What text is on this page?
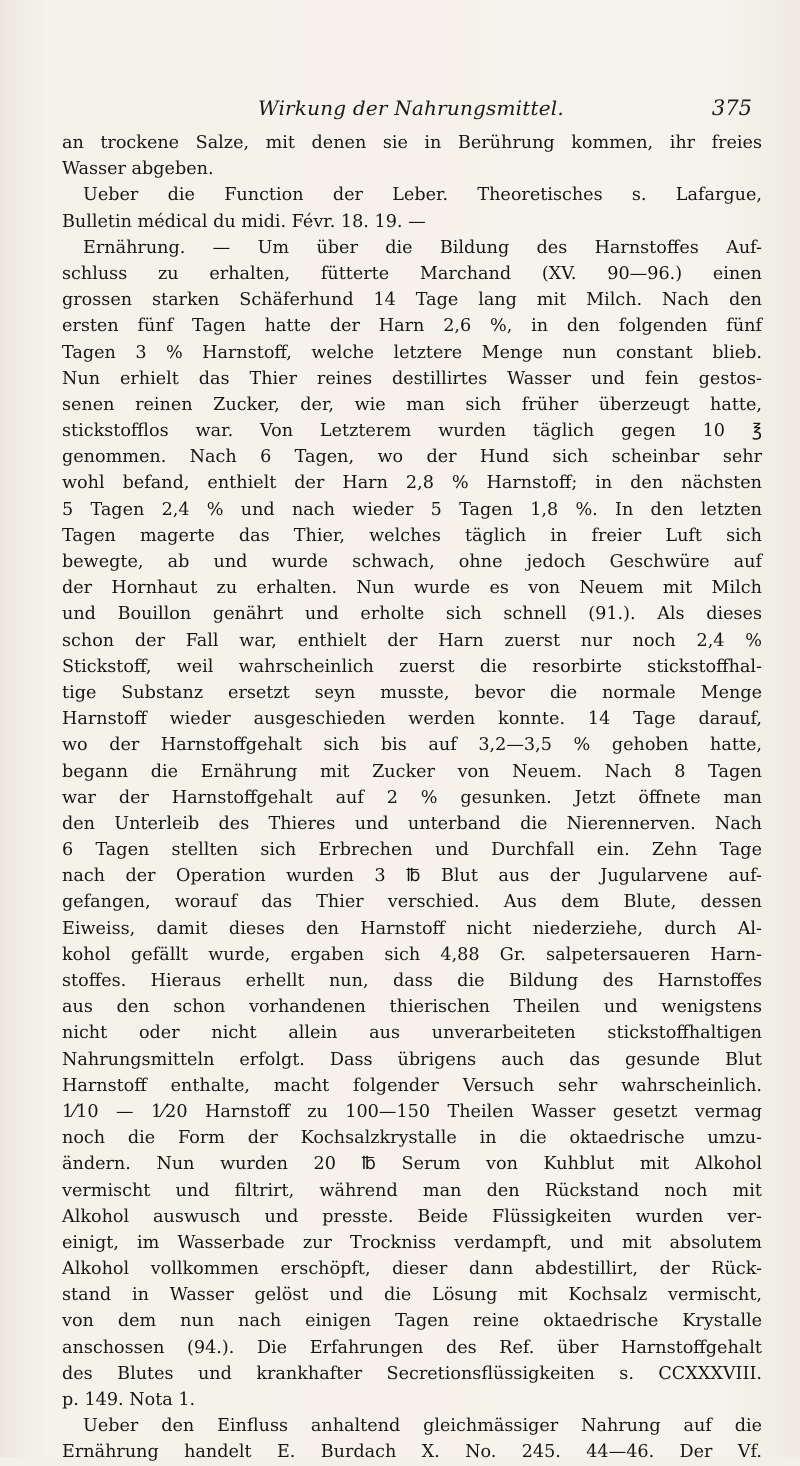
Wirkung der Nahrungsmittel.	375
an trockene Salze, mit denen sie in Berührung kommen, ihr freies
Wasser abgeben.
Ueber die Function der Leber. Theoretisches s. Lafargue,
Bulletin médical du midi. Févr. 18. 19. —
Ernährung. — Um über die Bildung des Harnstoffes Auf-
schluss zu erhalten, fütterte Marchand (XV. 90—96.) einen
grossen starken Schäferhund 14 Tage lang mit Milch. Nach den
ersten fünf Tagen hatte der Harn 2,6 %, in den folgenden fünf
Tagen 3 % Harnstoff, welche letztere Menge nun constant blieb.
Nun erhielt das Thier reines destillirtes Wasser und fein gestos-
senen reinen Zucker, der, wie man sich früher überzeugt hatte,
stickstofflos war. Von Letzterem wurden täglich gegen 10 ℥
genommen. Nach 6 Tagen, wo der Hund sich scheinbar sehr
wohl befand, enthielt der Harn 2,8 % Harnstoff; in den nächsten
5 Tagen 2,4 % und nach wieder 5 Tagen 1,8 %. In den letzten
Tagen magerte das Thier, welches täglich in freier Luft sich
bewegte, ab und wurde schwach, ohne jedoch Geschwüre auf
der Hornhaut zu erhalten. Nun wurde es von Neuem mit Milch
und Bouillon genährt und erholte sich schnell (91.). Als dieses
schon der Fall war, enthielt der Harn zuerst nur noch 2,4 %
Stickstoff, weil wahrscheinlich zuerst die resorbirte stickstoffhal-
tige Substanz ersetzt seyn musste, bevor die normale Menge
Harnstoff wieder ausgeschieden werden konnte. 14 Tage darauf,
wo der Harnstoffgehalt sich bis auf 3,2—3,5 % gehoben hatte,
begann die Ernährung mit Zucker von Neuem. Nach 8 Tagen
war der Harnstoffgehalt auf 2 % gesunken. Jetzt öffnete man
den Unterleib des Thieres und unterband die Nierennerven. Nach
6 Tagen stellten sich Erbrechen und Durchfall ein. Zehn Tage
nach der Operation wurden 3 ℔ Blut aus der Jugularvene auf-
gefangen, worauf das Thier verschied. Aus dem Blute, dessen
Eiweiss, damit dieses den Harnstoff nicht niederziehe, durch Al-
kohol gefällt wurde, ergaben sich 4,88 Gr. salpetersaueren Harn-
stoffes. Hieraus erhellt nun, dass die Bildung des Harnstoffes
aus den schon vorhandenen thierischen Theilen und wenigstens
nicht oder nicht allein aus unverarbeiteten stickstoffhaltigen
Nahrungsmitteln erfolgt. Dass übrigens auch das gesunde Blut
Harnstoff enthalte, macht folgender Versuch sehr wahrscheinlich.
1⁄10 — 1⁄20 Harnstoff zu 100—150 Theilen Wasser gesetzt vermag
noch die Form der Kochsalzkrystalle in die oktaedrische umzu-
ändern. Nun wurden 20 ℔ Serum von Kuhblut mit Alkohol
vermischt und filtrirt, während man den Rückstand noch mit
Alkohol auswusch und presste. Beide Flüssigkeiten wurden ver-
einigt, im Wasserbade zur Trockniss verdampft, und mit absolutem
Alkohol vollkommen erschöpft, dieser dann abdestillirt, der Rück-
stand in Wasser gelöst und die Lösung mit Kochsalz vermischt,
von dem nun nach einigen Tagen reine oktaedrische Krystalle
anschossen (94.). Die Erfahrungen des Ref. über Harnstoffgehalt
des Blutes und krankhafter Secretionsflüssigkeiten s. CCXXXVIII.
p. 149. Nota 1.
Ueber den Einfluss anhaltend gleichmässiger Nahrung auf die
Ernährung handelt E. Burdach X. No. 245. 44—46. Der Vf.
